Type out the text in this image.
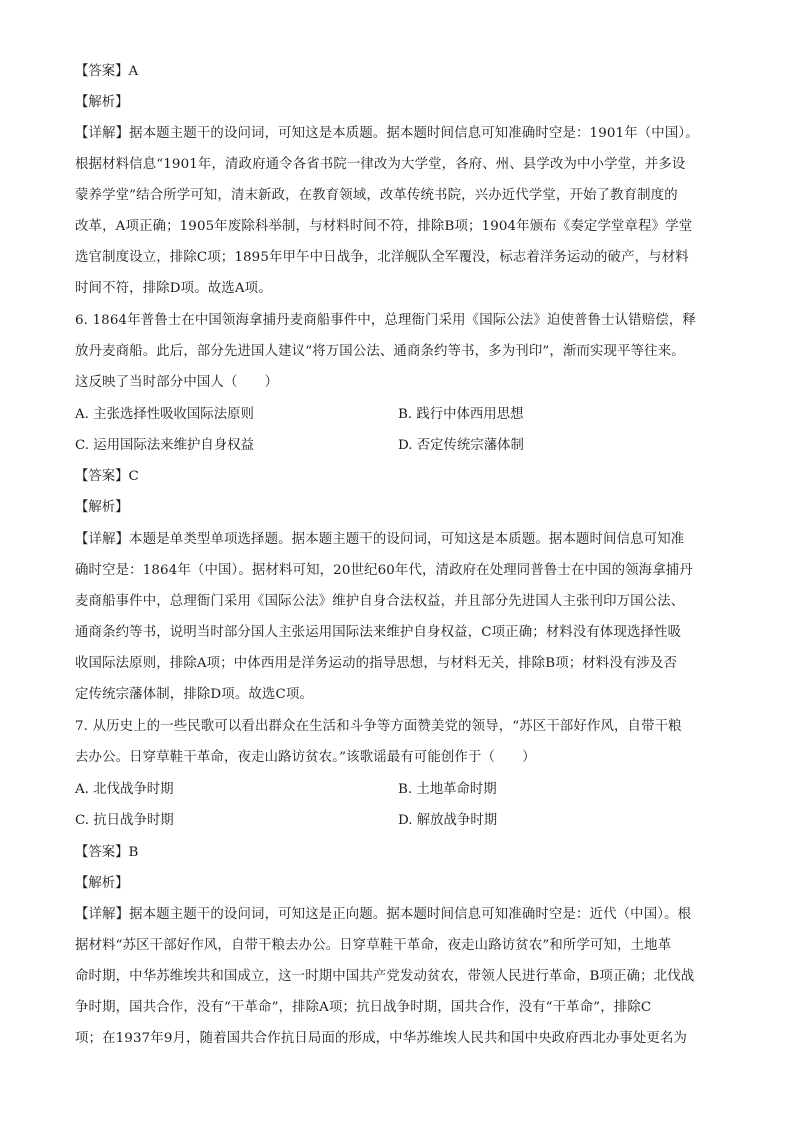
【答案】A
【解析】
【详解】据本题主题干的设问词，可知这是本质题。据本题时间信息可知准确时空是：1901年（中国）。
根据材料信息“1901年，清政府通令各省书院一律改为大学堂，各府、州、县学改为中小学堂，并多设
蒙养学堂”结合所学可知，清末新政，在教育领域，改革传统书院，兴办近代学堂，开始了教育制度的
改革，A项正确；1905年废除科举制，与材料时间不符，排除B项；1904年颁布《奏定学堂章程》学堂
选官制度设立，排除C项；1895年甲午中日战争，北洋舰队全军覆没，标志着洋务运动的破产，与材料
时间不符，排除D项。故选A项。
6. 1864年普鲁士在中国领海拿捕丹麦商船事件中，总理衙门采用《国际公法》迫使普鲁士认错赔偿，释
放丹麦商船。此后，部分先进国人建议“将万国公法、通商条约等书，多为刊印”，渐而实现平等往来。
这反映了当时部分中国人（　　）
A. 主张选择性吸收国际法原则	B. 践行中体西用思想
C. 运用国际法来维护自身权益	D. 否定传统宗藩体制
【答案】C
【解析】
【详解】本题是单类型单项选择题。据本题主题干的设问词，可知这是本质题。据本题时间信息可知准
确时空是：1864年（中国）。据材料可知，20世纪60年代，清政府在处理同普鲁士在中国的领海拿捕丹
麦商船事件中，总理衙门采用《国际公法》维护自身合法权益，并且部分先进国人主张刊印万国公法、
通商条约等书，说明当时部分国人主张运用国际法来维护自身权益，C项正确；材料没有体现选择性吸
收国际法原则，排除A项；中体西用是洋务运动的指导思想，与材料无关，排除B项；材料没有涉及否
定传统宗藩体制，排除D项。故选C项。
7. 从历史上的一些民歌可以看出群众在生活和斗争等方面赞美党的领导，“苏区干部好作风，自带干粮
去办公。日穿草鞋干革命，夜走山路访贫农。”该歌谣最有可能创作于（　　）
A. 北伐战争时期	B. 土地革命时期
C. 抗日战争时期	D. 解放战争时期
【答案】B
【解析】
【详解】据本题主题干的设问词，可知这是正向题。据本题时间信息可知准确时空是：近代（中国）。根
据材料“苏区干部好作风，自带干粮去办公。日穿草鞋干革命，夜走山路访贫农”和所学可知，土地革
命时期，中华苏维埃共和国成立，这一时期中国共产党发动贫农，带领人民进行革命，B项正确；北伐战
争时期，国共合作，没有“干革命”，排除A项；抗日战争时期，国共合作，没有“干革命”，排除C
项；在1937年9月，随着国共合作抗日局面的形成，中华苏维埃人民共和国中央政府西北办事处更名为
